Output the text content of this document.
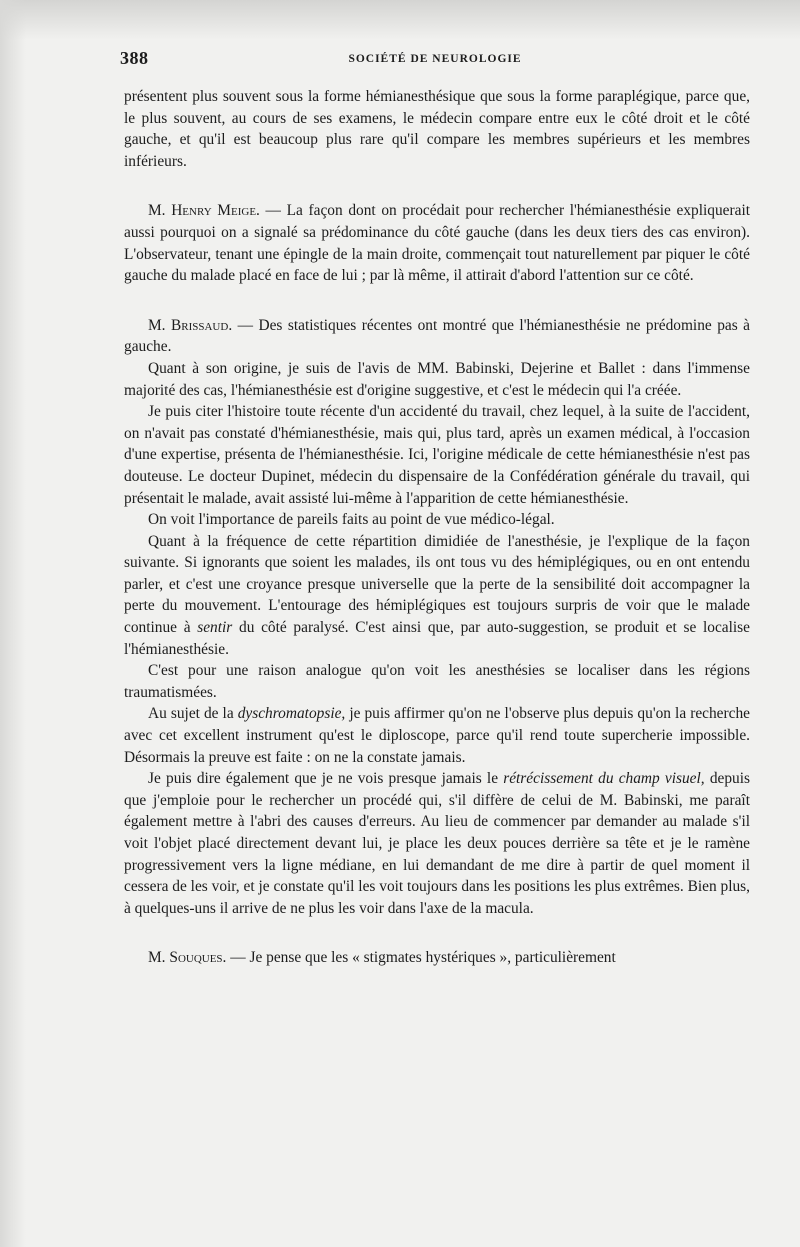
388	SOCIÉTÉ DE NEUROLOGIE

présentent plus souvent sous la forme hémianesthésique que sous la forme paraplégique, parce que, le plus souvent, au cours de ses examens, le médecin compare entre eux le côté droit et le côté gauche, et qu'il est beaucoup plus rare qu'il compare les membres supérieurs et les membres inférieurs.

M. Henry Meige. — La façon dont on procédait pour rechercher l'hémianesthésie expliquerait aussi pourquoi on a signalé sa prédominance du côté gauche (dans les deux tiers des cas environ). L'observateur, tenant une épingle de la main droite, commençait tout naturellement par piquer le côté gauche du malade placé en face de lui ; par là même, il attirait d'abord l'attention sur ce côté.

M. Brissaud. — Des statistiques récentes ont montré que l'hémianesthésie ne prédomine pas à gauche.

Quant à son origine, je suis de l'avis de MM. Babinski, Dejerine et Ballet : dans l'immense majorité des cas, l'hémianesthésie est d'origine suggestive, et c'est le médecin qui l'a créée.

Je puis citer l'histoire toute récente d'un accidenté du travail, chez lequel, à la suite de l'accident, on n'avait pas constaté d'hémianesthésie, mais qui, plus tard, après un examen médical, à l'occasion d'une expertise, présenta de l'hémianesthésie. Ici, l'origine médicale de cette hémianesthésie n'est pas douteuse. Le docteur Dupinet, médecin du dispensaire de la Confédération générale du travail, qui présentait le malade, avait assisté lui-même à l'apparition de cette hémianesthésie.

On voit l'importance de pareils faits au point de vue médico-légal.

Quant à la fréquence de cette répartition dimidiée de l'anesthésie, je l'explique de la façon suivante. Si ignorants que soient les malades, ils ont tous vu des hémiplégiques, ou en ont entendu parler, et c'est une croyance presque universelle que la perte de la sensibilité doit accompagner la perte du mouvement. L'entourage des hémiplégiques est toujours surpris de voir que le malade continue à sentir du côté paralysé. C'est ainsi que, par auto-suggestion, se produit et se localise l'hémianesthésie.

C'est pour une raison analogue qu'on voit les anesthésies se localiser dans les régions traumatismées.

Au sujet de la dyschromatopsie, je puis affirmer qu'on ne l'observe plus depuis qu'on la recherche avec cet excellent instrument qu'est le diploscope, parce qu'il rend toute supercherie impossible. Désormais la preuve est faite : on ne la constate jamais.

Je puis dire également que je ne vois presque jamais le rétrécissement du champ visuel, depuis que j'emploie pour le rechercher un procédé qui, s'il diffère de celui de M. Babinski, me paraît également mettre à l'abri des causes d'erreurs. Au lieu de commencer par demander au malade s'il voit l'objet placé directement devant lui, je place les deux pouces derrière sa tête et je le ramène progressivement vers la ligne médiane, en lui demandant de me dire à partir de quel moment il cessera de les voir, et je constate qu'il les voit toujours dans les positions les plus extrêmes. Bien plus, à quelques-uns il arrive de ne plus les voir dans l'axe de la macula.

M. Souques. — Je pense que les « stigmates hystériques », particulièrement
